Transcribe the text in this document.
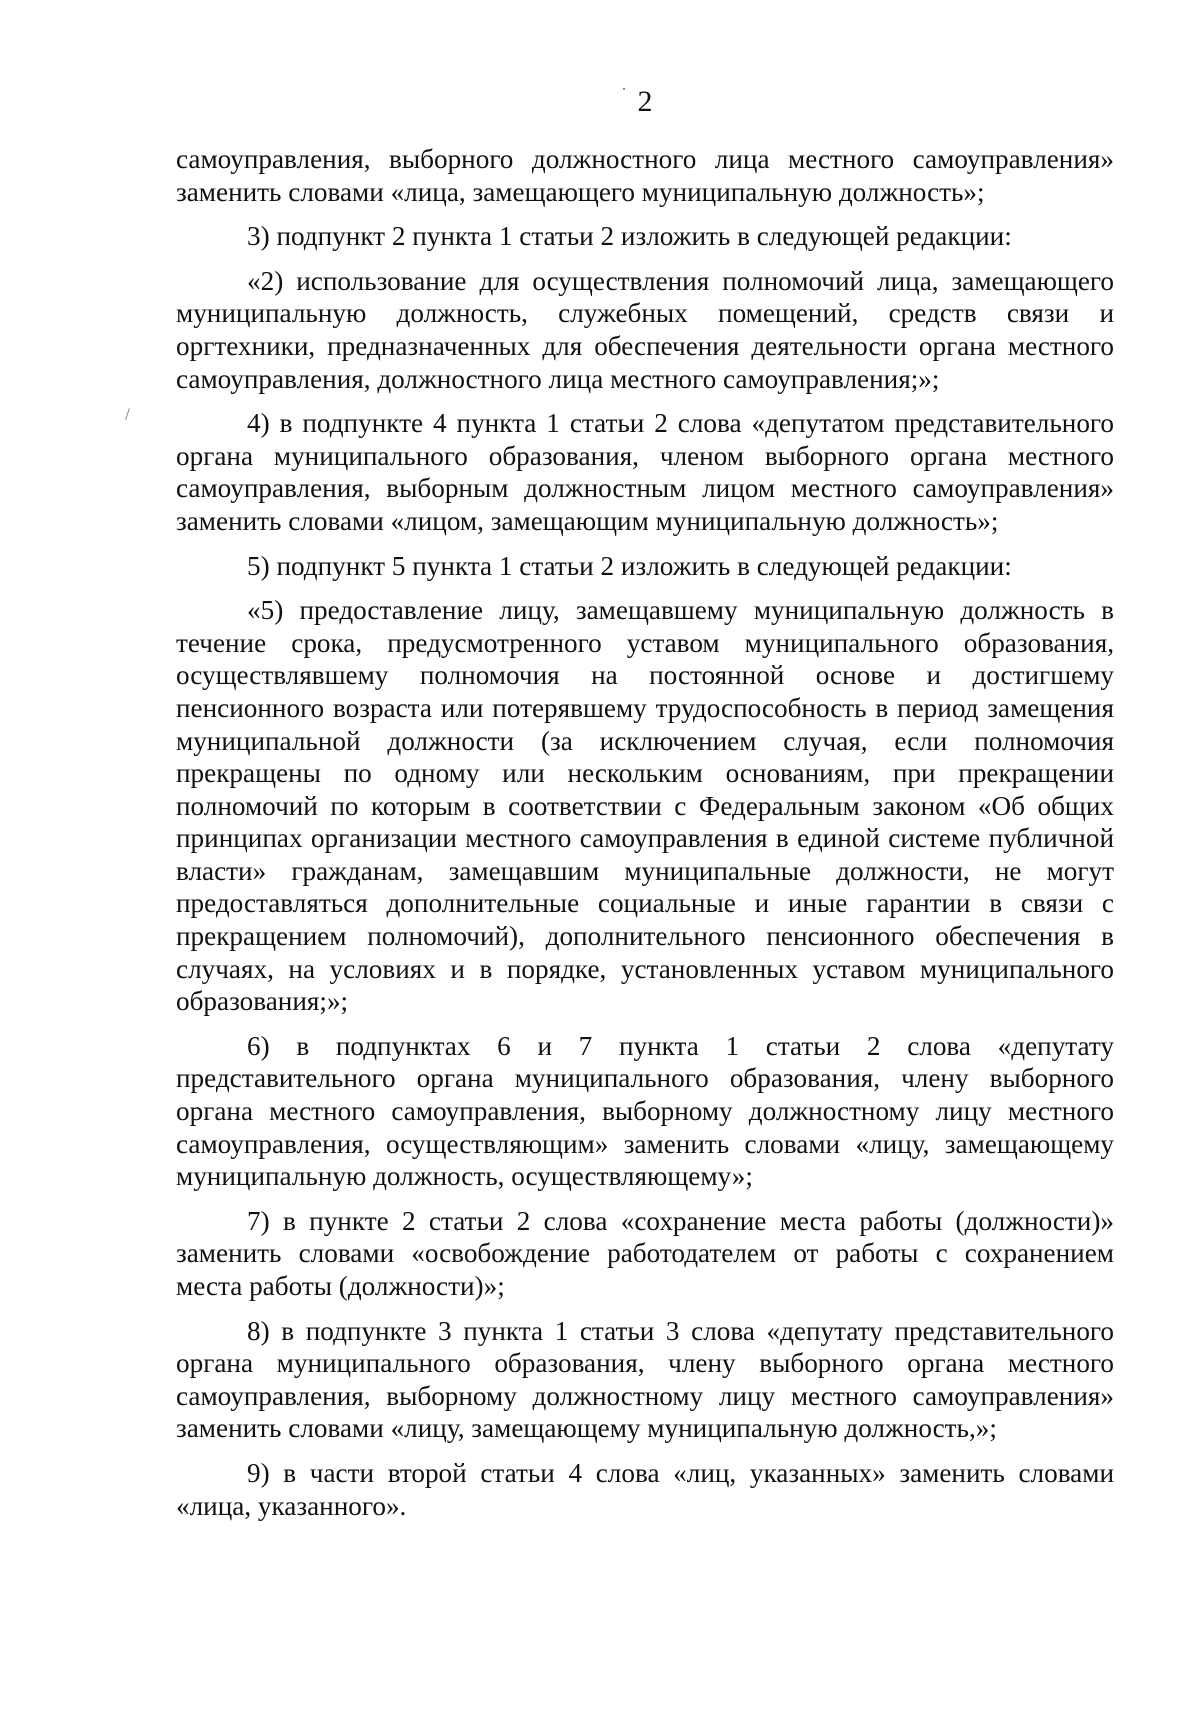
2

самоуправления, выборного должностного лица местного самоуправления» заменить словами «лица, замещающего муниципальную должность»;

3) подпункт 2 пункта 1 статьи 2 изложить в следующей редакции:

«2) использование для осуществления полномочий лица, замещающего муниципальную должность, служебных помещений, средств связи и оргтехники, предназначенных для обеспечения деятельности органа местного самоуправления, должностного лица местного самоуправления;»;

4) в подпункте 4 пункта 1 статьи 2 слова «депутатом представительного органа муниципального образования, членом выборного органа местного самоуправления, выборным должностным лицом местного самоуправления» заменить словами «лицом, замещающим муниципальную должность»;

5) подпункт 5 пункта 1 статьи 2 изложить в следующей редакции:

«5) предоставление лицу, замещавшему муниципальную должность в течение срока, предусмотренного уставом муниципального образования, осуществлявшему полномочия на постоянной основе и достигшему пенсионного возраста или потерявшему трудоспособность в период замещения муниципальной должности (за исключением случая, если полномочия прекращены по одному или нескольким основаниям, при прекращении полномочий по которым в соответствии с Федеральным законом «Об общих принципах организации местного самоуправления в единой системе публичной власти» гражданам, замещавшим муниципальные должности, не могут предоставляться дополнительные социальные и иные гарантии в связи с прекращением полномочий), дополнительного пенсионного обеспечения в случаях, на условиях и в порядке, установленных уставом муниципального образования;»;

6) в подпунктах 6 и 7 пункта 1 статьи 2 слова «депутату представительного органа муниципального образования, члену выборного органа местного самоуправления, выборному должностному лицу местного самоуправления, осуществляющим» заменить словами «лицу, замещающему муниципальную должность, осуществляющему»;

7) в пункте 2 статьи 2 слова «сохранение места работы (должности)» заменить словами «освобождение работодателем от работы с сохранением места работы (должности)»;

8) в подпункте 3 пункта 1 статьи 3 слова «депутату представительного органа муниципального образования, члену выборного органа местного самоуправления, выборному должностному лицу местного самоуправления» заменить словами «лицу, замещающему муниципальную должность,»;

9) в части второй статьи 4 слова «лиц, указанных» заменить словами «лица, указанного».
